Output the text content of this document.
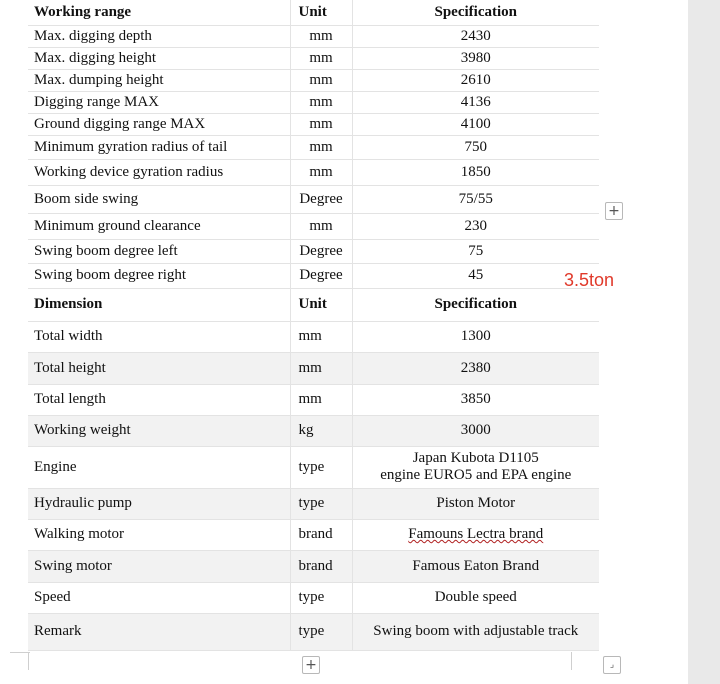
Working range	Unit	Specification
Max. digging depth	mm	2430
Max. digging height	mm	3980
Max. dumping height	mm	2610
Digging range MAX	mm	4136
Ground digging range MAX	mm	4100
Minimum gyration radius of tail	mm	750
Working device gyration radius	mm	1850
Boom side swing	Degree	75/55
Minimum ground clearance	mm	230
Swing boom degree left	Degree	75
Swing boom degree right	Degree	45
Dimension	Unit	Specification
Total width	mm	1300
Total height	mm	2380
Total length	mm	3850
Working weight	kg	3000
Engine	type	Japan Kubota D1105
engine EURO5 and EPA engine

Hydraulic pump	type	Piston Motor
Walking motor	brand	Famouns Lectra brand
Swing motor	brand	Famous Eaton Brand
Speed	type	Double speed
Remark	type	Swing boom with adjustable track
3.5ton
+
+	⌟
